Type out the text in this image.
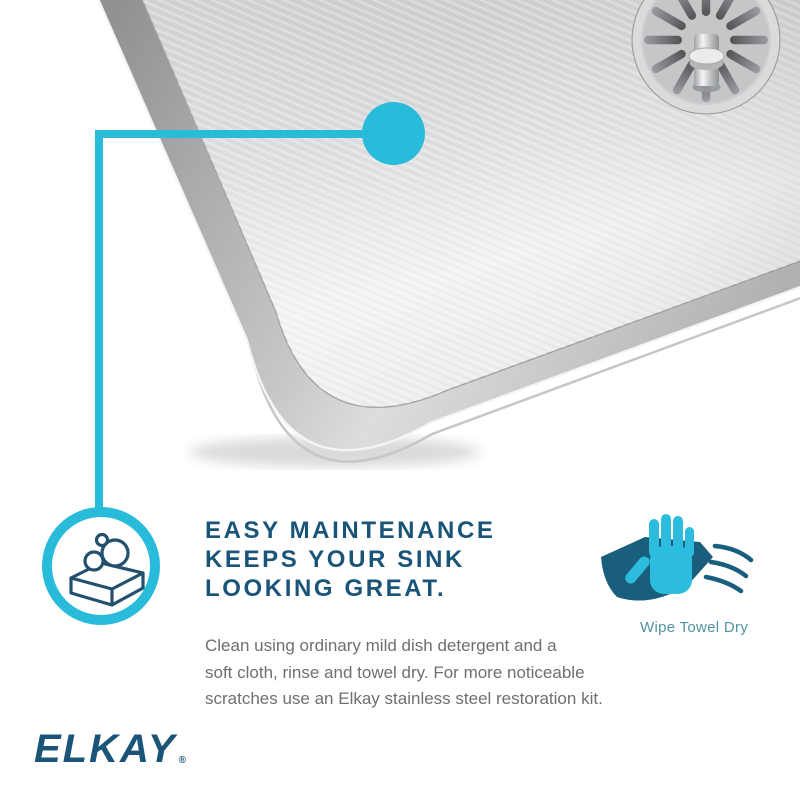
EASY MAINTENANCE
KEEPS YOUR SINK
LOOKING GREAT.
Clean using ordinary mild dish detergent and a
soft cloth, rinse and towel dry. For more noticeable
scratches use an Elkay stainless steel restoration kit.
Wipe Towel Dry
ELKAY ®
